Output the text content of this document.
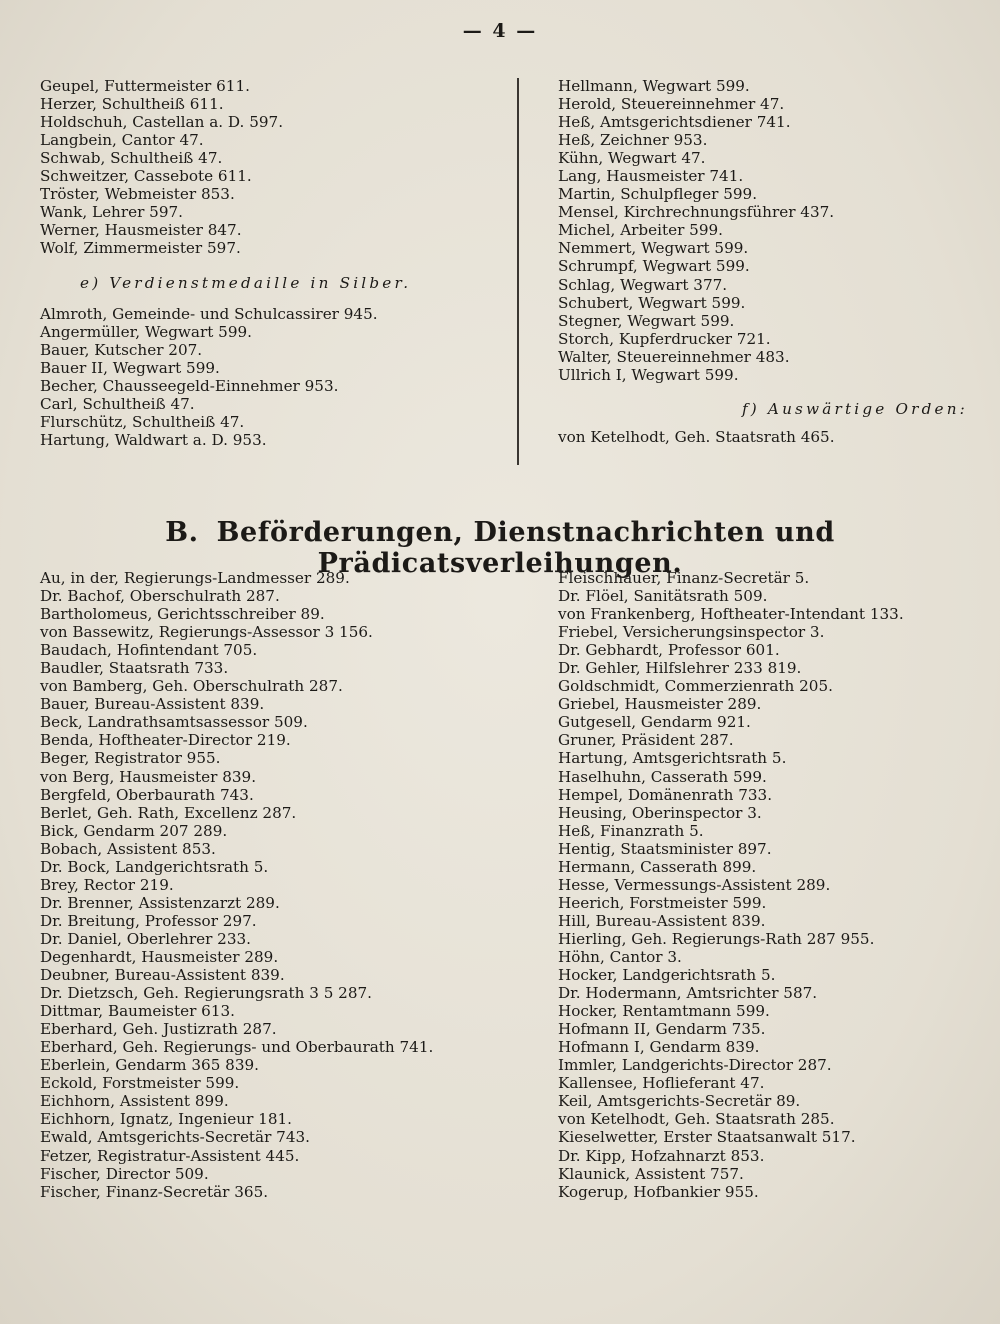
— 4 —
Geupel, Futtermeister 611.
Herzer, Schultheiß 611.
Holdschuh, Castellan a. D. 597.
Langbein, Cantor 47.
Schwab, Schultheiß 47.
Schweitzer, Cassebote 611.
Tröster, Webmeister 853.
Wank, Lehrer 597.
Werner, Hausmeister 847.
Wolf, Zimmermeister 597.
e) Verdienstmedaille in Silber.
Almroth, Gemeinde- und Schulcassirer 945.
Angermüller, Wegwart 599.
Bauer, Kutscher 207.
Bauer II, Wegwart 599.
Becher, Chausseegeld-Einnehmer 953.
Carl, Schultheiß 47.
Flurschütz, Schultheiß 47.
Hartung, Waldwart a. D. 953.
Hellmann, Wegwart 599.
Herold, Steuereinnehmer 47.
Heß, Amtsgerichtsdiener 741.
Heß, Zeichner 953.
Kühn, Wegwart 47.
Lang, Hausmeister 741.
Martin, Schulpfleger 599.
Mensel, Kirchrechnungsführer 437.
Michel, Arbeiter 599.
Nemmert, Wegwart 599.
Schrumpf, Wegwart 599.
Schlag, Wegwart 377.
Schubert, Wegwart 599.
Stegner, Wegwart 599.
Storch, Kupferdrucker 721.
Walter, Steuereinnehmer 483.
Ullrich I, Wegwart 599.
f) Auswärtige Orden:
von Ketelhodt, Geh. Staatsrath 465.
B. Beförderungen, Dienstnachrichten und Prädicatsverleihungen.
Au, in der, Regierungs-Landmesser 289.
Dr. Bachof, Oberschulrath 287.
Bartholomeus, Gerichtsschreiber 89.
von Bassewitz, Regierungs-Assessor 3 156.
Baudach, Hofintendant 705.
Baudler, Staatsrath 733.
von Bamberg, Geh. Oberschulrath 287.
Bauer, Bureau-Assistent 839.
Beck, Landrathsamtsassessor 509.
Benda, Hoftheater-Director 219.
Beger, Registrator 955.
von Berg, Hausmeister 839.
Bergfeld, Oberbaurath 743.
Berlet, Geh. Rath, Excellenz 287.
Bick, Gendarm 207 289.
Bobach, Assistent 853.
Dr. Bock, Landgerichtsrath 5.
Brey, Rector 219.
Dr. Brenner, Assistenzarzt 289.
Dr. Breitung, Professor 297.
Dr. Daniel, Oberlehrer 233.
Degenhardt, Hausmeister 289.
Deubner, Bureau-Assistent 839.
Dr. Dietzsch, Geh. Regierungsrath 3 5 287.
Dittmar, Baumeister 613.
Eberhard, Geh. Justizrath 287.
Eberhard, Geh. Regierungs- und Oberbaurath 741.
Eberlein, Gendarm 365 839.
Eckold, Forstmeister 599.
Eichhorn, Assistent 899.
Eichhorn, Ignatz, Ingenieur 181.
Ewald, Amtsgerichts-Secretär 743.
Fetzer, Registratur-Assistent 445.
Fischer, Director 509.
Fischer, Finanz-Secretär 365.
Fleischhauer, Finanz-Secretär 5.
Dr. Flöel, Sanitätsrath 509.
von Frankenberg, Hoftheater-Intendant 133.
Friebel, Versicherungsinspector 3.
Dr. Gebhardt, Professor 601.
Dr. Gehler, Hilfslehrer 233 819.
Goldschmidt, Commerzienrath 205.
Griebel, Hausmeister 289.
Gutgesell, Gendarm 921.
Gruner, Präsident 287.
Hartung, Amtsgerichtsrath 5.
Haselhuhn, Casserath 599.
Hempel, Domänenrath 733.
Heusing, Oberinspector 3.
Heß, Finanzrath 5.
Hentig, Staatsminister 897.
Hermann, Casserath 899.
Hesse, Vermessungs-Assistent 289.
Heerich, Forstmeister 599.
Hill, Bureau-Assistent 839.
Hierling, Geh. Regierungs-Rath 287 955.
Höhn, Cantor 3.
Hocker, Landgerichtsrath 5.
Dr. Hodermann, Amtsrichter 587.
Hocker, Rentamtmann 599.
Hofmann II, Gendarm 735.
Hofmann I, Gendarm 839.
Immler, Landgerichts-Director 287.
Kallensee, Hoflieferant 47.
Keil, Amtsgerichts-Secretär 89.
von Ketelhodt, Geh. Staatsrath 285.
Kieselwetter, Erster Staatsanwalt 517.
Dr. Kipp, Hofzahnarzt 853.
Klaunick, Assistent 757.
Kogerup, Hofbankier 955.
